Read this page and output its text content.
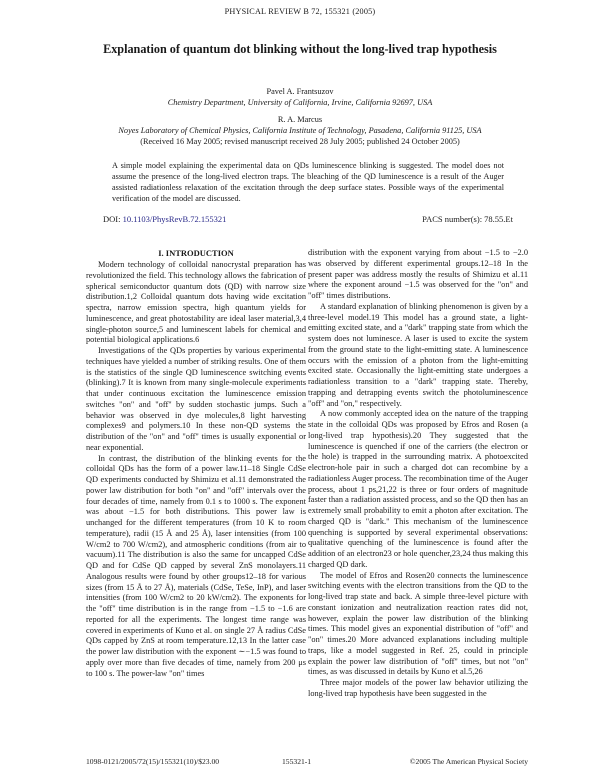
PHYSICAL REVIEW B 72, 155321 (2005)
Explanation of quantum dot blinking without the long-lived trap hypothesis
Pavel A. Frantsuzov
Chemistry Department, University of California, Irvine, California 92697, USA
R. A. Marcus
Noyes Laboratory of Chemical Physics, California Institute of Technology, Pasadena, California 91125, USA
(Received 16 May 2005; revised manuscript received 28 July 2005; published 24 October 2005)
A simple model explaining the experimental data on QDs luminescence blinking is suggested. The model does not assume the presence of the long-lived electron traps. The bleaching of the QD luminescence is a result of the Auger assisted radiationless relaxation of the excitation through the deep surface states. Possible ways of the experimental verification of the model are discussed.
DOI: 10.1103/PhysRevB.72.155321	PACS number(s): 78.55.Et

I. INTRODUCTION

Modern technology of colloidal nanocrystal preparation has revolutionized the field. This technology allows the fabrication of spherical semiconductor quantum dots (QD) with narrow size distribution.1,2 Colloidal quantum dots having wide excitation spectra, narrow emission spectra, high quantum yields for luminescence, and great photostability are ideal laser material,3,4 single-photon source,5 and luminescent labels for chemical and potential biological applications.6

Investigations of the QDs properties by various experimental techniques have yielded a number of striking results. One of them is the statistics of the single QD luminescence switching events (blinking).7 It is known from many single-molecule experiments that under continuous excitation the luminescence emission switches "on" and "off" by sudden stochastic jumps. Such a behavior was observed in dye molecules,8 light harvesting complexes9 and polymers.10 In these non-QD systems the distribution of the "on" and "off" times is usually exponential or near exponential.

In contrast, the distribution of the blinking events for the colloidal QDs has the form of a power law.11–18 Single CdSe QD experiments conducted by Shimizu et al.11 demonstrated the power law distribution for both "on" and "off" intervals over the four decades of time, namely from 0.1 s to 1000 s. The exponent was about −1.5 for both distributions. This power law is unchanged for the different temperatures (from 10 K to room temperature), radii (15 Å and 25 Å), laser intensities (from 100 W/cm2 to 700 W/cm2), and atmospheric conditions (from air to vacuum).11 The distribution is also the same for uncapped CdSe QD and for CdSe QD capped by several ZnS monolayers.11 Analogous results were found by other groups12–18 for various sizes (from 15 Å to 27 Å), materials (CdSe, TeSe, InP), and laser intensities (from 100 W/cm2 to 20 kW/cm2). The exponents for the "off" time distribution is in the range from −1.5 to −1.6 are reported for all the experiments. The longest time range was covered in experiments of Kuno et al. on single 27 Å radius CdSe QDs capped by ZnS at room temperature.12,13 In the latter case the power law distribution with the exponent ∼−1.5 was found to apply over more than five decades of time, namely from 200 μs to 100 s. The power-law "on" times

distribution with the exponent varying from about −1.5 to −2.0 was observed by different experimental groups.12–18 In the present paper was address mostly the results of Shimizu et al.11 where the exponent around −1.5 was observed for the "on" and "off" times distributions.

A standard explanation of blinking phenomenon is given by a three-level model.19 This model has a ground state, a light-emitting excited state, and a "dark" trapping state from which the system does not luminesce. A laser is used to excite the system from the ground state to the light-emitting state. A luminescence occurs with the emission of a photon from the light-emitting excited state. Occasionally the light-emitting state undergoes a radiationless transition to a "dark" trapping state. Thereby, trapping and detrapping events switch the photoluminescence "off" and "on," respectively.

A now commonly accepted idea on the nature of the trapping state in the colloidal QDs was proposed by Efros and Rosen (a long-lived trap hypothesis).20 They suggested that the luminescence is quenched if one of the carriers (the electron or the hole) is trapped in the surrounding matrix. A photoexcited electron-hole pair in such a charged dot can recombine by a radiationless Auger process. The recombination time of the Auger process, about 1 ps,21,22 is three or four orders of magnitude faster than a radiation assisted process, and so the QD then has an extremely small probability to emit a photon after excitation. The charged QD is "dark." This mechanism of the luminescence quenching is supported by several experimental observations: qualitative quenching of the luminescence is found after the addition of an electron23 or hole quencher,23,24 thus making this charged QD dark.

The model of Efros and Rosen20 connects the luminescence switching events with the electron transitions from the QD to the long-lived trap state and back. A simple three-level picture with constant ionization and neutralization reaction rates did not, however, explain the power law distribution of the blinking times. This model gives an exponential distribution of "off" and "on" times.20 More advanced explanations including multiple traps, like a model suggested in Ref. 25, could in principle explain the power law distribution of "off" times, but not "on" times, as was discussed in details by Kuno et al.5,26

Three major models of the power law behavior utilizing the long-lived trap hypothesis have been suggested in the

1098-0121/2005/72(15)/155321(10)/$23.00	155321-1	©2005 The American Physical Society
